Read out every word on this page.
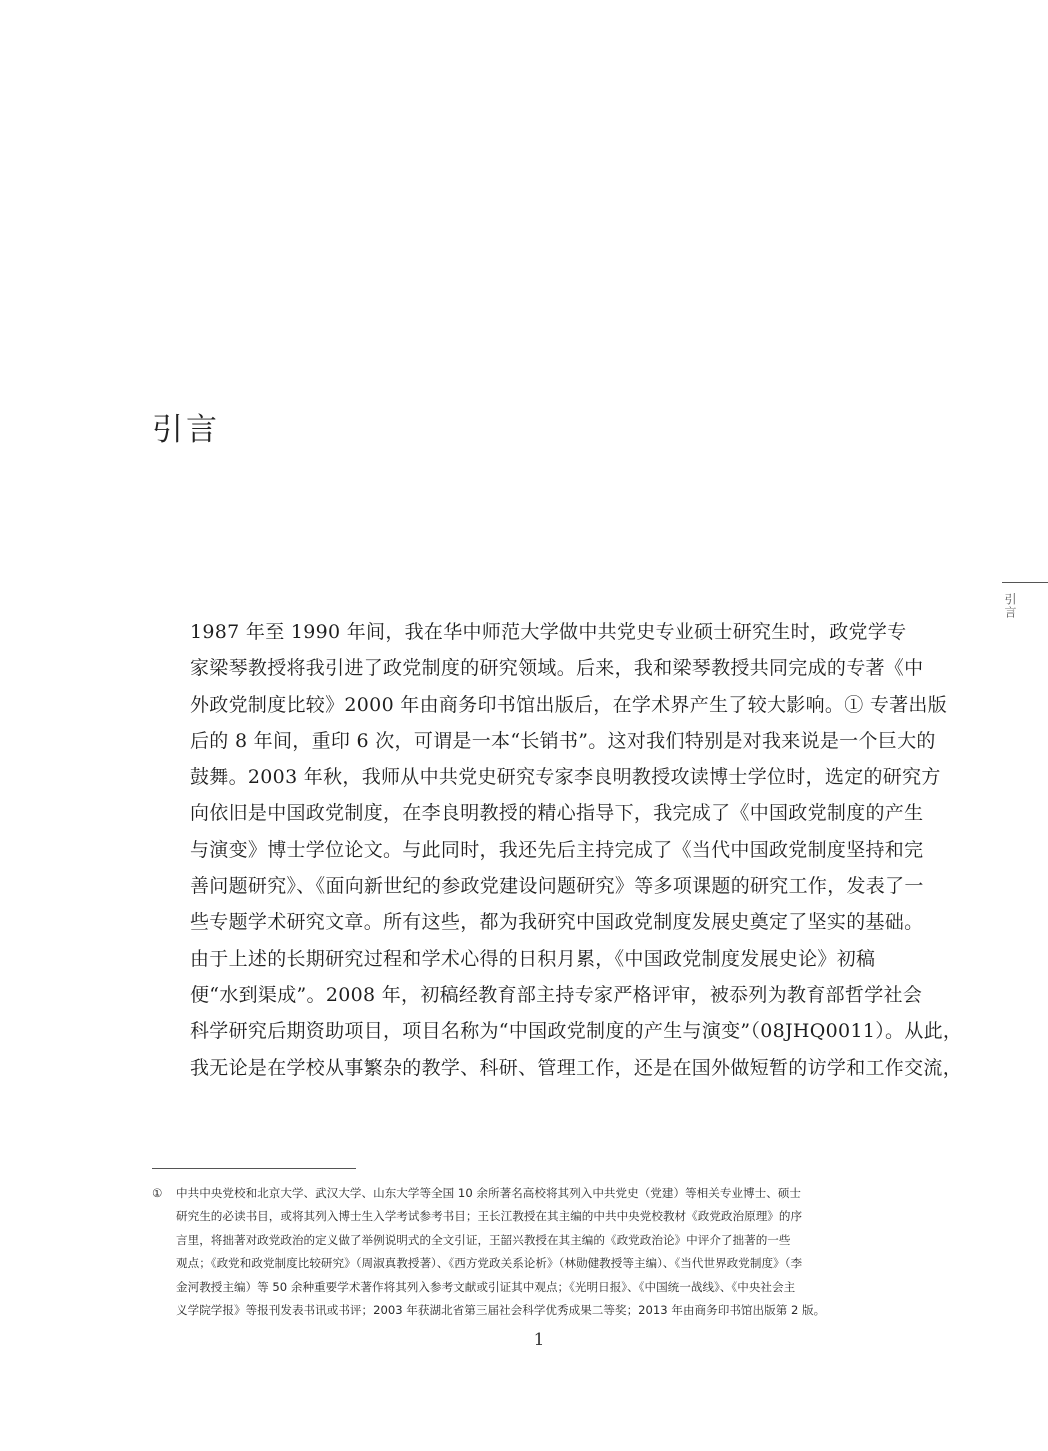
引言
引言

1987 年至 1990 年间，我在华中师范大学做中共党史专业硕士研究生时，政党学专
家梁琴教授将我引进了政党制度的研究领域。后来，我和梁琴教授共同完成的专著《中
外政党制度比较》2000 年由商务印书馆出版后，在学术界产生了较大影响。① 专著出版
后的 8 年间，重印 6 次，可谓是一本“长销书”。这对我们特别是对我来说是一个巨大的
鼓舞。2003 年秋，我师从中共党史研究专家李良明教授攻读博士学位时，选定的研究方
向依旧是中国政党制度，在李良明教授的精心指导下，我完成了《中国政党制度的产生
与演变》博士学位论文。与此同时，我还先后主持完成了《当代中国政党制度坚持和完
善问题研究》、《面向新世纪的参政党建设问题研究》等多项课题的研究工作，发表了一
些专题学术研究文章。所有这些，都为我研究中国政党制度发展史奠定了坚实的基础。

由于上述的长期研究过程和学术心得的日积月累，《中国政党制度发展史论》初稿
便“水到渠成”。2008 年，初稿经教育部主持专家严格评审，被忝列为教育部哲学社会
科学研究后期资助项目，项目名称为“中国政党制度的产生与演变”（08JHQ0011）。从此，
我无论是在学校从事繁杂的教学、科研、管理工作，还是在国外做短暂的访学和工作交流，

① 中共中央党校和北京大学、武汉大学、山东大学等全国 10 余所著名高校将其列入中共党史（党建）等相关专业博士、硕士
研究生的必读书目，或将其列入博士生入学考试参考书目；王长江教授在其主编的中共中央党校教材《政党政治原理》的序
言里，将拙著对政党政治的定义做了举例说明式的全文引证，王韶兴教授在其主编的《政党政治论》中评介了拙著的一些
观点；《政党和政党制度比较研究》（周淑真教授著）、《西方党政关系论析》（林勋健教授等主编）、《当代世界政党制度》（李
金河教授主编）等 50 余种重要学术著作将其列入参考文献或引证其中观点；《光明日报》、《中国统一战线》、《中央社会主
义学院学报》等报刊发表书讯或书评；2003 年获湖北省第三届社会科学优秀成果二等奖；2013 年由商务印书馆出版第 2 版。
1
